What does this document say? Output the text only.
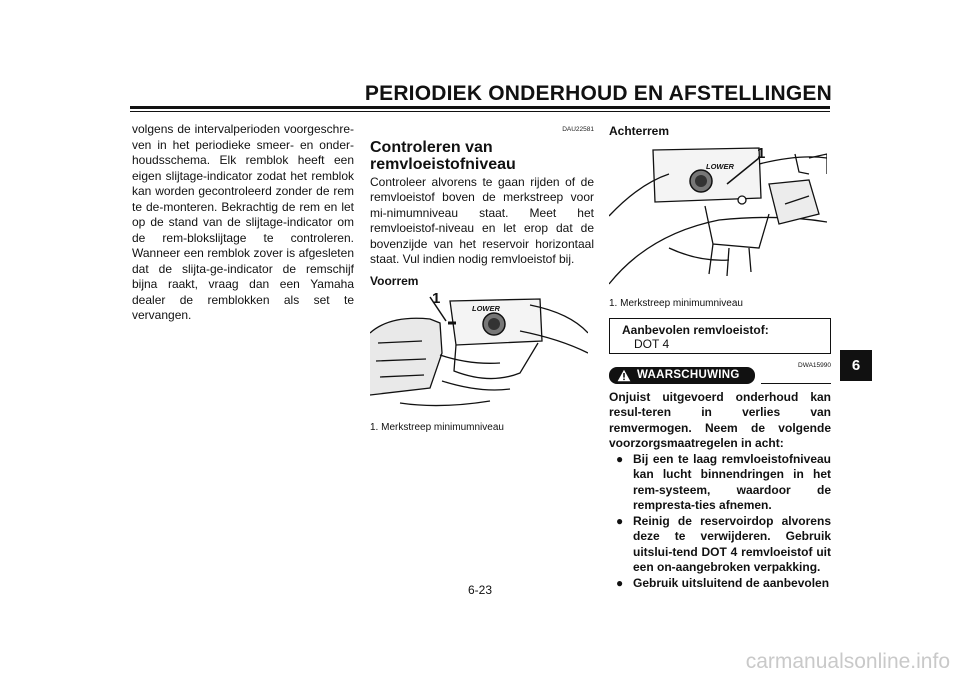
PERIODIEK ONDERHOUD EN AFSTELLINGEN

volgens de intervalperioden voorgeschre-ven in het periodieke smeer- en onder-houdsschema. Elk remblok heeft een eigen slijtage-indicator zodat het remblok kan worden gecontroleerd zonder de rem te de-monteren. Bekrachtig de rem en let op de stand van de slijtage-indicator om de rem-blokslijtage te controleren. Wanneer een remblok zover is afgesleten dat de slijta-ge-indicator de remschijf bijna raakt, vraag dan een Yamaha dealer de remblokken als set te vervangen.

DAU22581
Controleren van remvloeistofniveau

Controleer alvorens te gaan rijden of de remvloeistof boven de merkstreep voor mi-nimumniveau staat. Meet het remvloeistof-niveau en let erop dat de bovenzijde van het reservoir horizontaal staat. Vul indien nodig remvloeistof bij.

Voorrem
LOWER
1
1. Merkstreep minimumniveau
Achterrem
LOWER
1
1. Merkstreep minimumniveau
Aanbevolen remvloeistof:
DOT 4
DWA15990
WAARSCHUWING

Onjuist uitgevoerd onderhoud kan resul-teren in verlies van remvermogen. Neem de volgende voorzorgsmaatregelen in acht:

● Bij een te laag remvloeistofniveau kan lucht binnendringen in het rem-systeem, waardoor de rempresta-ties afnemen.
● Reinig de reservoirdop alvorens deze te verwijderen. Gebruik uitslui-tend DOT 4 remvloeistof uit een on-aangebroken verpakking.
● Gebruik uitsluitend de aanbevolen
6
6-23
carmanualsonline.info
